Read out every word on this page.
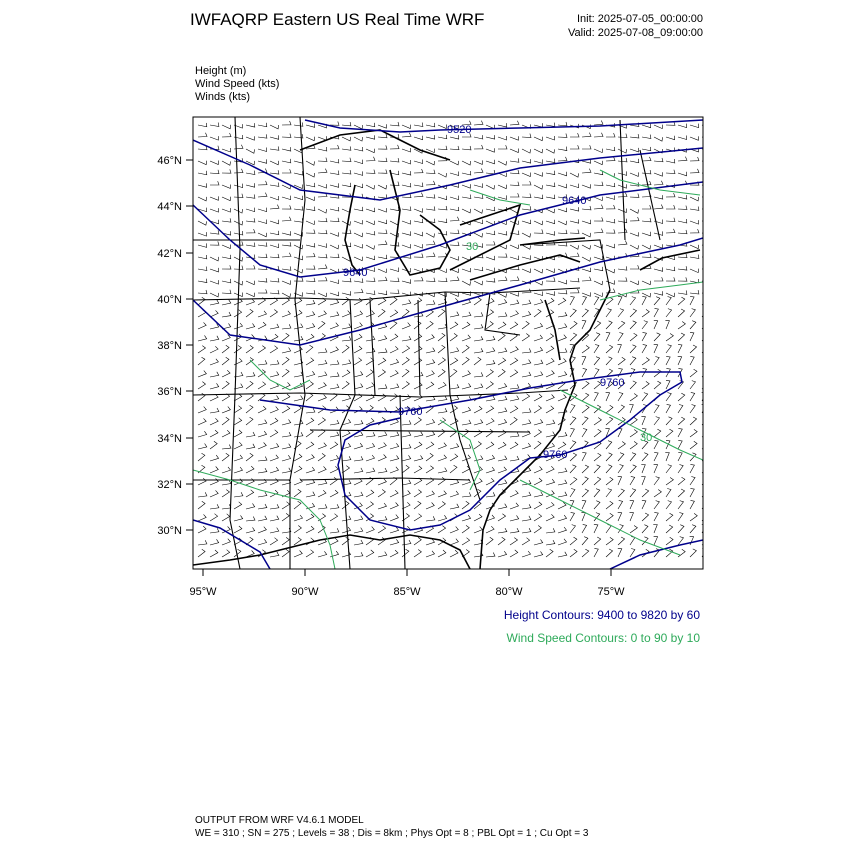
IWFAQRP Eastern US Real Time WRF	Init: 2025-07-05_00:00:00
Valid: 2025-07-08_09:00:00
Height (m)
Wind Speed (kts)
Winds (kts)
46°N
44°N
42°N
40°N
38°N
36°N
34°N
32°N
30°N
95°W	90°W	85°W	80°W	75°W
9520
9640
9640
9760
9760
9760
30
30
Height Contours: 9400 to 9820 by 60
Wind Speed Contours: 0 to 90 by 10
OUTPUT FROM WRF V4.6.1 MODEL
WE = 310 ; SN = 275 ; Levels = 38 ; Dis = 8km ; Phys Opt = 8 ; PBL Opt = 1 ; Cu Opt = 3
